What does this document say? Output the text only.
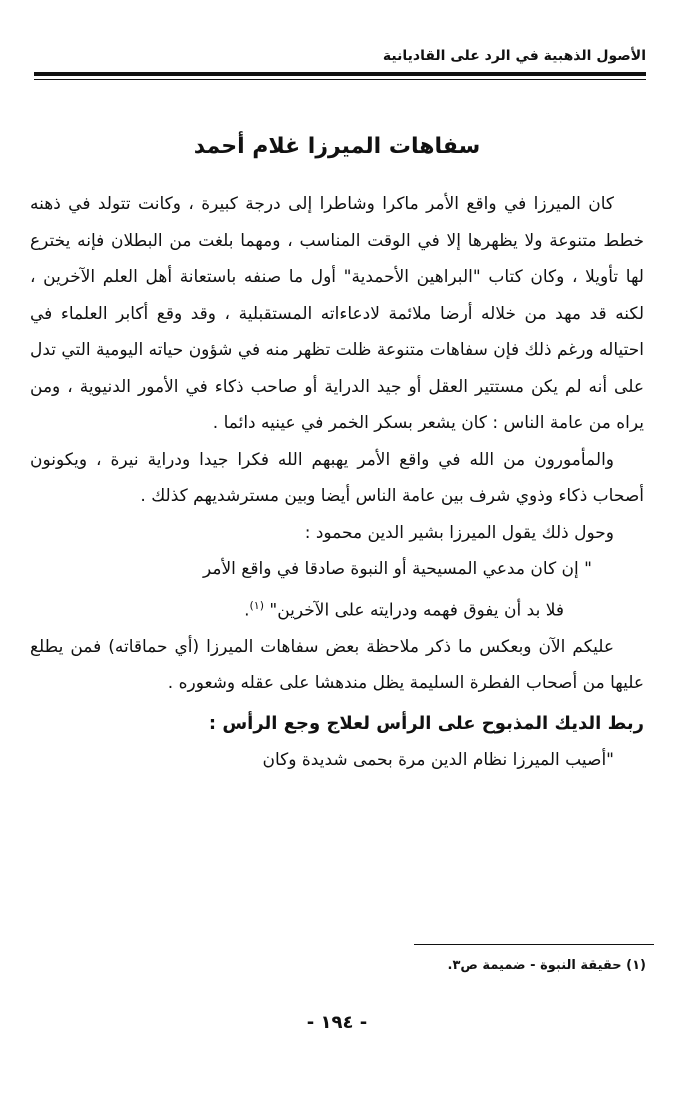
الأصول الذهبية في الرد على القاديانية
سفاهات الميرزا غلام أحمد

كان الميرزا في واقع الأمر ماكرا وشاطرا إلى درجة كبيرة ، وكانت تتولد في ذهنه خطط متنوعة ولا يظهرها إلا في الوقت المناسب ، ومهما بلغت من البطلان فإنه يخترع لها تأويلا ، وكان كتاب "البراهين الأحمدية" أول ما صنفه باستعانة أهل العلم الآخرين ، لكنه قد مهد من خلاله أرضا ملائمة لادعاءاته المستقبلية ، وقد وقع أكابر العلماء في احتياله ورغم ذلك فإن سفاهات متنوعة ظلت تظهر منه في شؤون حياته اليومية التي تدل على أنه لم يكن مستتير العقل أو جيد الدراية أو صاحب ذكاء في الأمور الدنيوية ، ومن يراه من عامة الناس : كان يشعر بسكر الخمر في عينيه دائما .

والمأمورون من الله في واقع الأمر يهبهم الله فكرا جيدا ودراية نيرة ، ويكونون أصحاب ذكاء وذوي شرف بين عامة الناس أيضا وبين مسترشديهم كذلك .

وحول ذلك يقول الميرزا بشير الدين محمود :

" إن كان مدعي المسيحية أو النبوة صادقا في واقع الأمر

فلا بد أن يفوق فهمه ودرايته على الآخرين" $^{(١)}$.

عليكم الآن وبعكس ما ذكر ملاحظة بعض سفاهات الميرزا (أي حماقاته) فمن يطلع عليها من أصحاب الفطرة السليمة يظل مندهشا على عقله وشعوره .

ربط الديك المذبوح على الرأس لعلاج وجع الرأس :

"أصيب الميرزا نظام الدين مرة بحمى شديدة وكان

(١) حقيقة النبوة - ضميمة ص٣.
- ١٩٤ -
